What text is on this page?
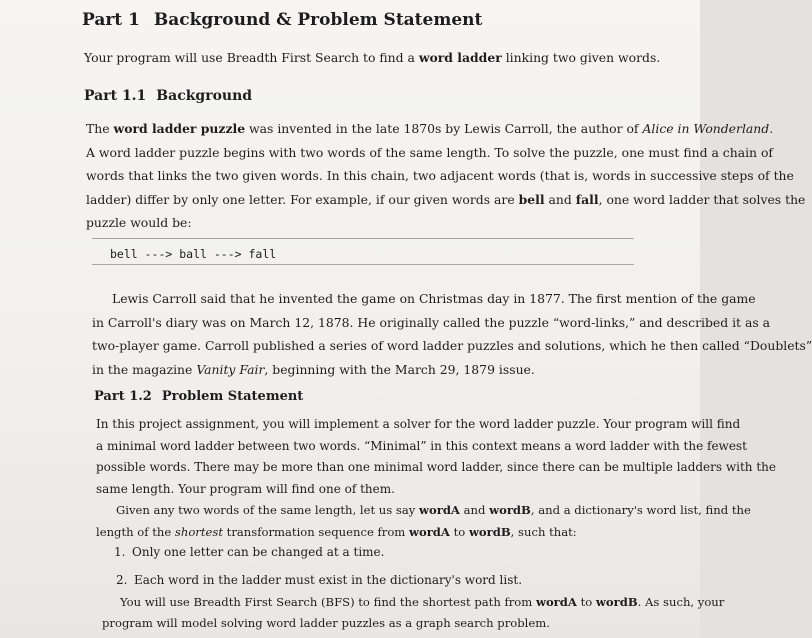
Part 1 Background & Problem Statement
Your program will use Breadth First Search to find a word ladder linking two given words.
Part 1.1 Background
The word ladder puzzle was invented in the late 1870s by Lewis Carroll, the author of Alice in Wonderland.
A word ladder puzzle begins with two words of the same length. To solve the puzzle, one must find a chain of
words that links the two given words. In this chain, two adjacent words (that is, words in successive steps of the
ladder) differ by only one letter. For example, if our given words are bell and fall, one word ladder that solves the
puzzle would be:
bell ---> ball ---> fall
Lewis Carroll said that he invented the game on Christmas day in 1877. The first mention of the game
in Carroll's diary was on March 12, 1878. He originally called the puzzle “word-links,” and described it as a
two-player game. Carroll published a series of word ladder puzzles and solutions, which he then called “Doublets”
in the magazine Vanity Fair, beginning with the March 29, 1879 issue.
Part 1.2 Problem Statement
In this project assignment, you will implement a solver for the word ladder puzzle. Your program will find
a minimal word ladder between two words. “Minimal” in this context means a word ladder with the fewest
possible words. There may be more than one minimal word ladder, since there can be multiple ladders with the
same length. Your program will find one of them.
Given any two words of the same length, let us say wordA and wordB, and a dictionary's word list, find the
length of the shortest transformation sequence from wordA to wordB, such that:
1. Only one letter can be changed at a time.
2. Each word in the ladder must exist in the dictionary's word list.
You will use Breadth First Search (BFS) to find the shortest path from wordA to wordB. As such, your
program will model solving word ladder puzzles as a graph search problem.
